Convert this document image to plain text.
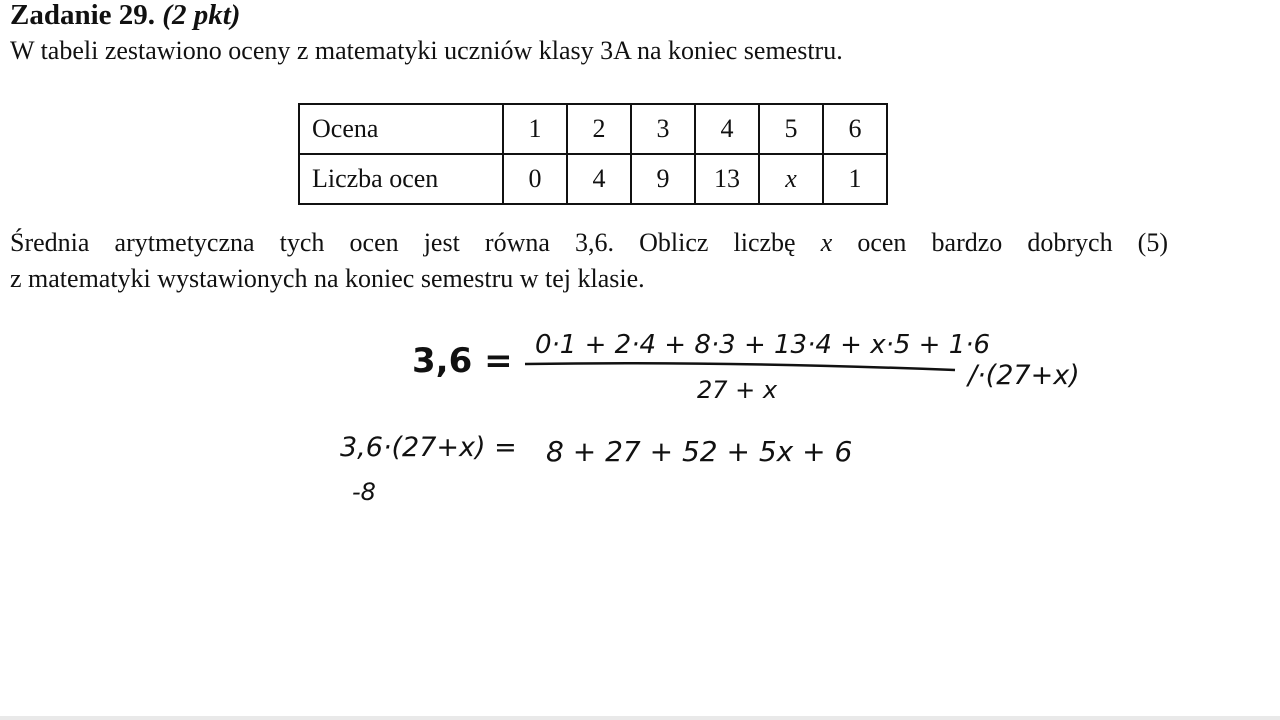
Zadanie 29. (2 pkt)
W tabeli zestawiono oceny z matematyki uczniów klasy 3A na koniec semestru.
Ocena	1	2	3	4	5	6
Liczba ocen	0	4	9	13	x	1
Średnia arytmetyczna tych ocen jest równa 3,6. Oblicz liczbę x ocen bardzo dobrych (5)
z matematyki wystawionych na koniec semestru w tej klasie.
3,6 = 0·1 + 2·4 + 8·3 + 13·4 + x·5 + 1·6
27 + x	/·(27+x)
3,6·(27+x) = 8 + 27 + 52 + 5x + 6
-8
